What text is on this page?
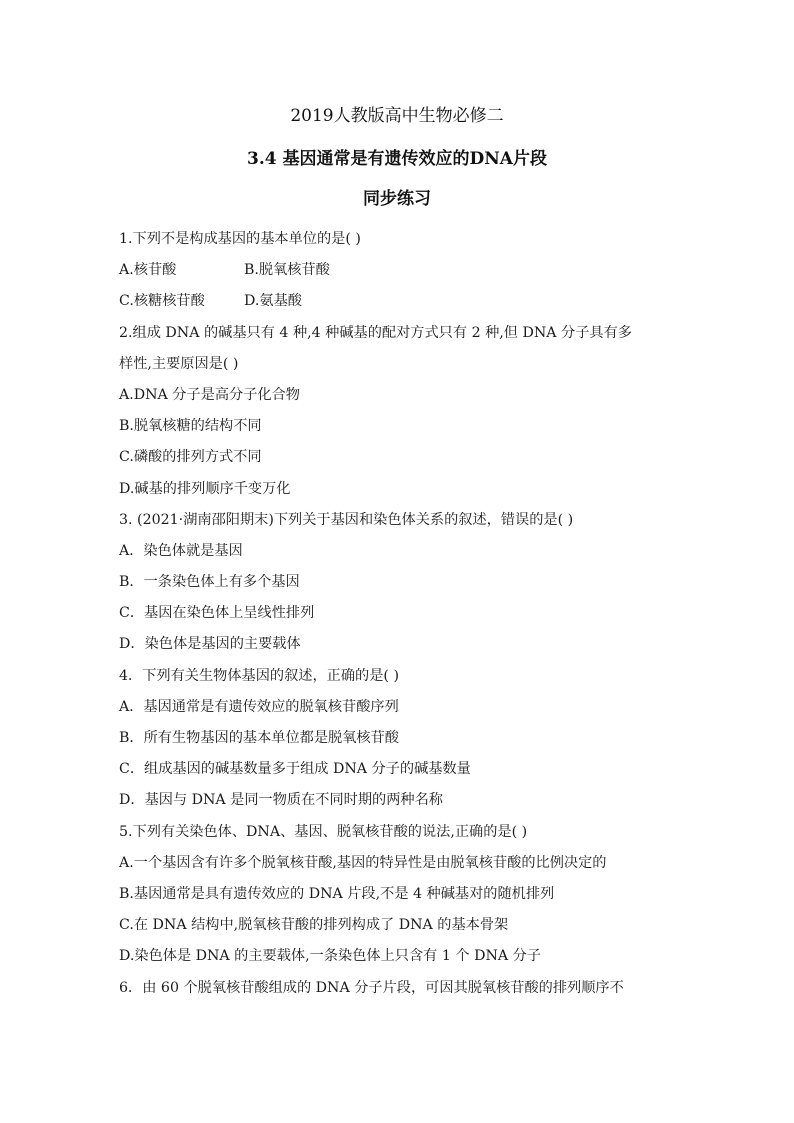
2019人教版高中生物必修二
3.4 基因通常是有遗传效应的DNA片段
同步练习
1.下列不是构成基因的基本单位的是( )
A.核苷酸	B.脱氧核苷酸
C.核糖核苷酸	D.氨基酸
2.组成 DNA 的碱基只有 4 种,4 种碱基的配对方式只有 2 种,但 DNA 分子具有多
样性,主要原因是( )
A.DNA 分子是高分子化合物
B.脱氧核糖的结构不同
C.磷酸的排列方式不同
D.碱基的排列顺序千变万化
3. (2021·湖南邵阳期末)下列关于基因和染色体关系的叙述，错误的是( )
A．染色体就是基因
B．一条染色体上有多个基因
C．基因在染色体上呈线性排列
D．染色体是基因的主要载体
4．下列有关生物体基因的叙述，正确的是( )
A．基因通常是有遗传效应的脱氧核苷酸序列
B．所有生物基因的基本单位都是脱氧核苷酸
C．组成基因的碱基数量多于组成 DNA 分子的碱基数量
D．基因与 DNA 是同一物质在不同时期的两种名称
5.下列有关染色体、DNA、基因、脱氧核苷酸的说法,正确的是( )
A.一个基因含有许多个脱氧核苷酸,基因的特异性是由脱氧核苷酸的比例决定的
B.基因通常是具有遗传效应的 DNA 片段,不是 4 种碱基对的随机排列
C.在 DNA 结构中,脱氧核苷酸的排列构成了 DNA 的基本骨架
D.染色体是 DNA 的主要载体,一条染色体上只含有 1 个 DNA 分子
6．由 60 个脱氧核苷酸组成的 DNA 分子片段，可因其脱氧核苷酸的排列顺序不
